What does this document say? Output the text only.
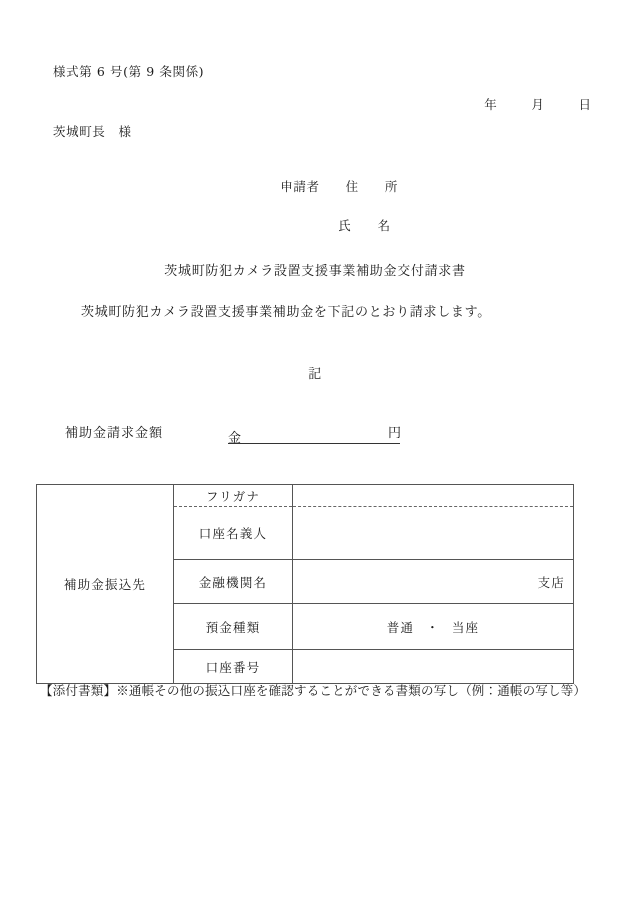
様式第 6 号(第 9 条関係)

年	月	日

茨城町長　様

申請者 住　　所

氏　　名

茨城町防犯カメラ設置支援事業補助金交付請求書
茨城町防犯カメラ設置支援事業補助金を下記のとおり請求します。
記
補助金請求金額	金	円
補助金振込先	フリガナ	
	口座名義人	
	金融機関名	支店
	預金種類	普通 ・ 当座
	口座番号	
【添付書類】※通帳その他の振込口座を確認することができる書類の写し（例：通帳の写し等）
